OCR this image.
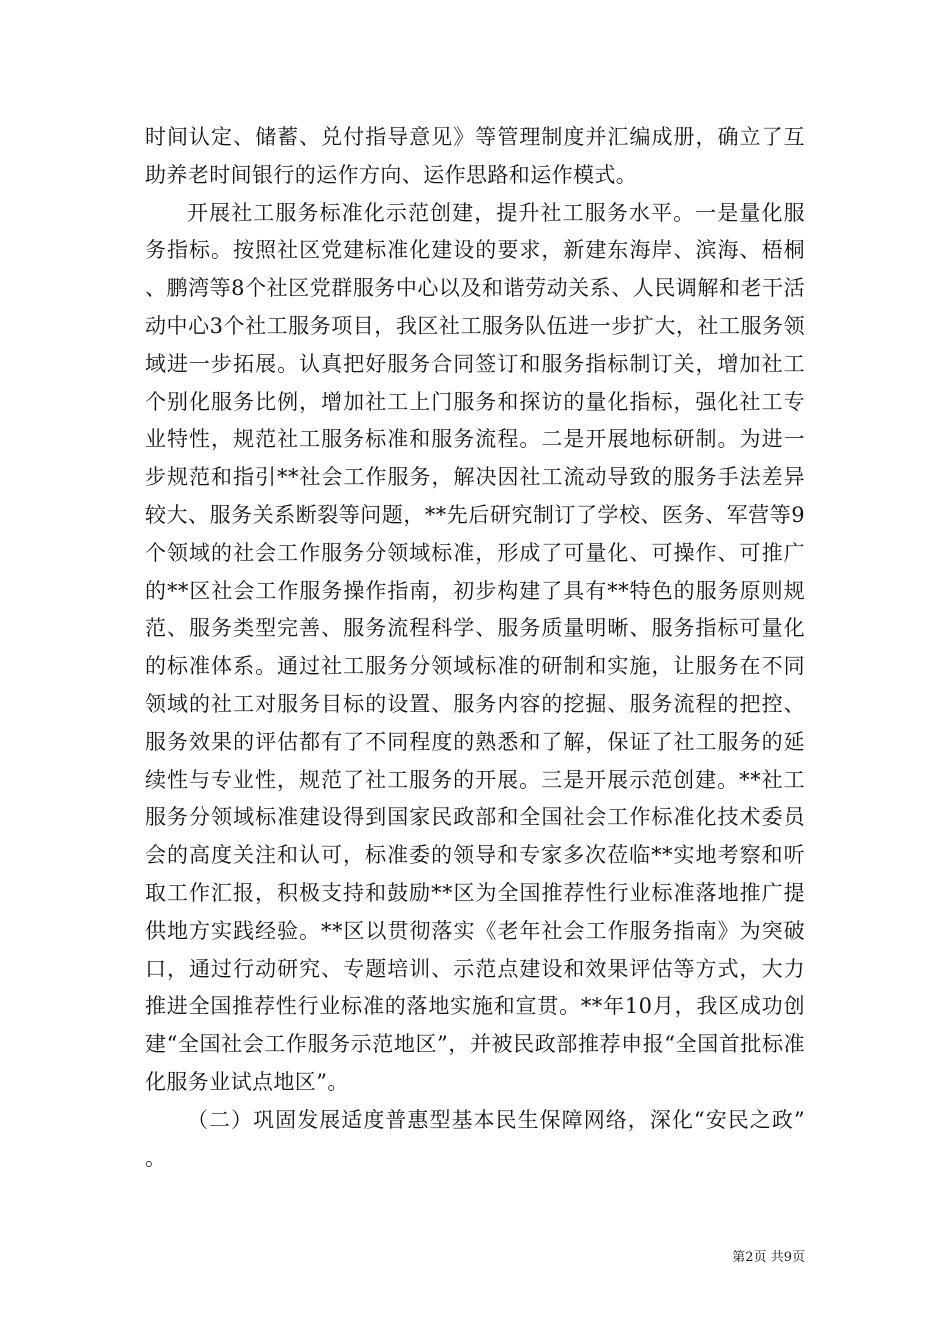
时间认定、储蓄、兑付指导意见》等管理制度并汇编成册，确立了互助养老时间银行的运作方向、运作思路和运作模式。

开展社工服务标准化示范创建，提升社工服务水平。一是量化服务指标。按照社区党建标准化建设的要求，新建东海岸、滨海、梧桐、鹏湾等8个社区党群服务中心以及和谐劳动关系、人民调解和老干活动中心3个社工服务项目，我区社工服务队伍进一步扩大，社工服务领域进一步拓展。认真把好服务合同签订和服务指标制订关，增加社工个别化服务比例，增加社工上门服务和探访的量化指标，强化社工专业特性，规范社工服务标准和服务流程。二是开展地标研制。为进一步规范和指引**社会工作服务，解决因社工流动导致的服务手法差异较大、服务关系断裂等问题，**先后研究制订了学校、医务、军营等9个领域的社会工作服务分领域标准，形成了可量化、可操作、可推广的**区社会工作服务操作指南，初步构建了具有**特色的服务原则规范、服务类型完善、服务流程科学、服务质量明晰、服务指标可量化的标准体系。通过社工服务分领域标准的研制和实施，让服务在不同领域的社工对服务目标的设置、服务内容的挖掘、服务流程的把控、服务效果的评估都有了不同程度的熟悉和了解，保证了社工服务的延续性与专业性，规范了社工服务的开展。三是开展示范创建。**社工服务分领域标准建设得到国家民政部和全国社会工作标准化技术委员会的高度关注和认可，标准委的领导和专家多次莅临**实地考察和听取工作汇报，积极支持和鼓励**区为全国推荐性行业标准落地推广提供地方实践经验。**区以贯彻落实《老年社会工作服务指南》为突破口，通过行动研究、专题培训、示范点建设和效果评估等方式，大力推进全国推荐性行业标准的落地实施和宣贯。**年10月，我区成功创建“全国社会工作服务示范地区”，并被民政部推荐申报“全国首批标准化服务业试点地区”。

（二）巩固发展适度普惠型基本民生保障网络，深化“安民之政”。

第2页 共9页
